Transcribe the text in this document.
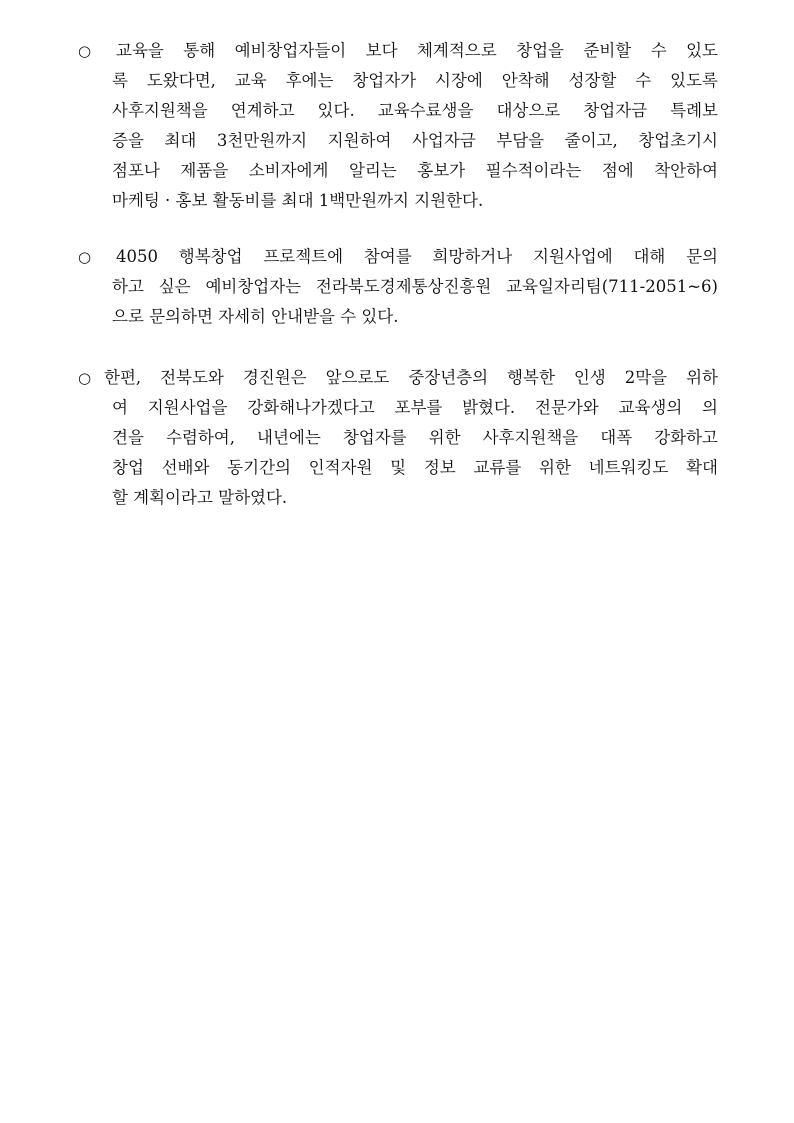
○ 교육을 통해 예비창업자들이 보다 체계적으로 창업을 준비할 수 있도
록 도왔다면, 교육 후에는 창업자가 시장에 안착해 성장할 수 있도록
사후지원책을 연계하고 있다. 교육수료생을 대상으로 창업자금 특례보
증을 최대 3천만원까지 지원하여 사업자금 부담을 줄이고, 창업초기시
점포나 제품을 소비자에게 알리는 홍보가 필수적이라는 점에 착안하여
마케팅 · 홍보 활동비를 최대 1백만원까지 지원한다.
○ 4050 행복창업 프로젝트에 참여를 희망하거나 지원사업에 대해 문의
하고 싶은 예비창업자는 전라북도경제통상진흥원 교육일자리팀(711-2051~6)
으로 문의하면 자세히 안내받을 수 있다.
○ 한편, 전북도와 경진원은 앞으로도 중장년층의 행복한 인생 2막을 위하
여 지원사업을 강화해나가겠다고 포부를 밝혔다. 전문가와 교육생의 의
견을 수렴하여, 내년에는 창업자를 위한 사후지원책을 대폭 강화하고
창업 선배와 동기간의 인적자원 및 정보 교류를 위한 네트워킹도 확대
할 계획이라고 말하였다.
